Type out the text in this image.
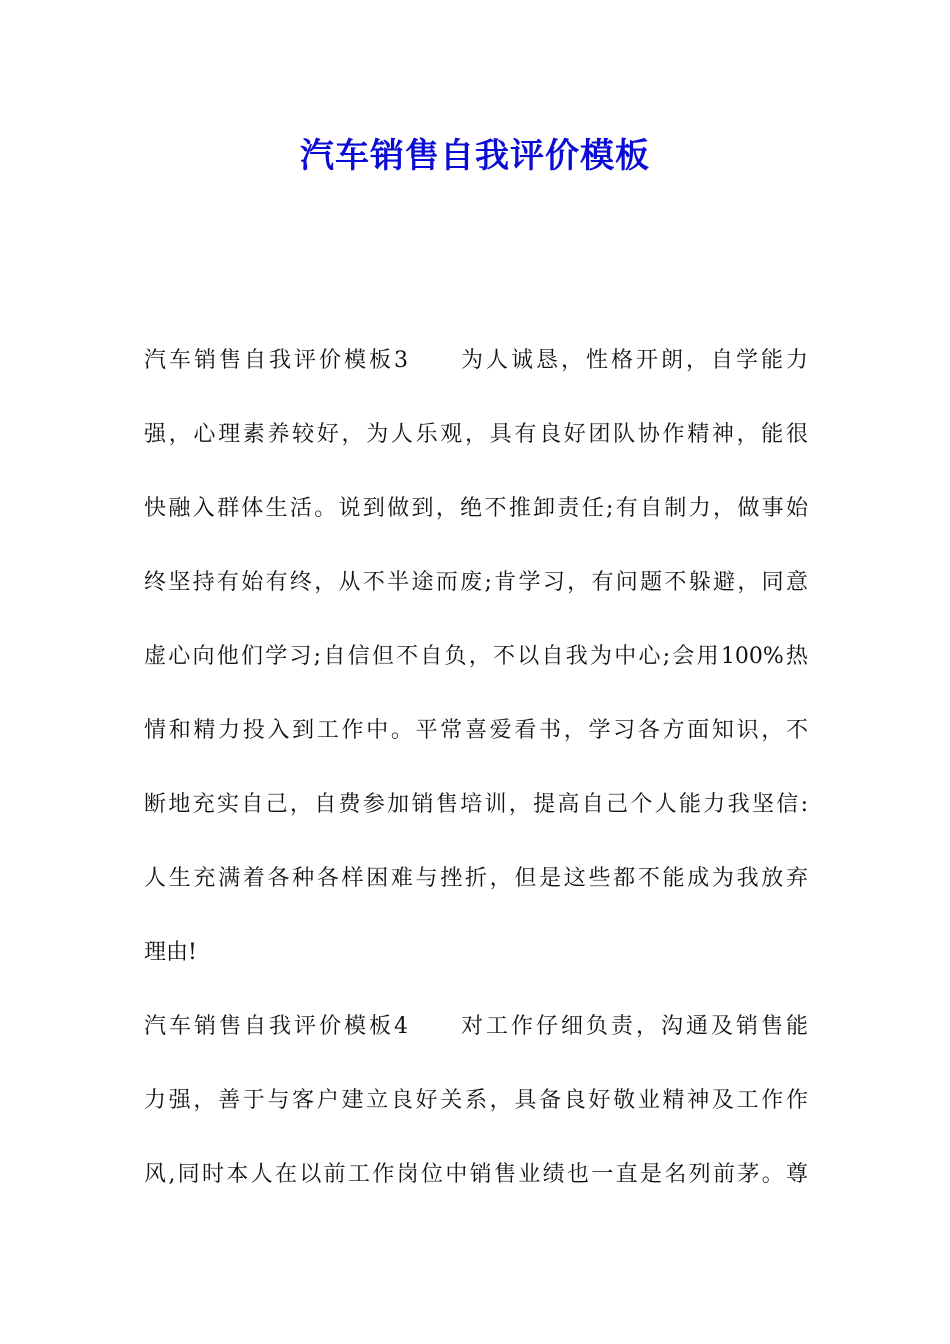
汽车销售自我评价模板
汽车销售自我评价模板3　　为人诚恳，性格开朗，自学能力
强，心理素养较好，为人乐观，具有良好团队协作精神，能很
快融入群体生活。说到做到，绝不推卸责任;有自制力，做事始
终坚持有始有终，从不半途而废;肯学习，有问题不躲避，同意
虚心向他们学习;自信但不自负，不以自我为中心;会用100%热
情和精力投入到工作中。平常喜爱看书，学习各方面知识，不
断地充实自己，自费参加销售培训，提高自己个人能力我坚信:
人生充满着各种各样困难与挫折，但是这些都不能成为我放弃
理由!
汽车销售自我评价模板4　　对工作仔细负责，沟通及销售能
力强，善于与客户建立良好关系，具备良好敬业精神及工作作
风,同时本人在以前工作岗位中销售业绩也一直是名列前茅。尊
